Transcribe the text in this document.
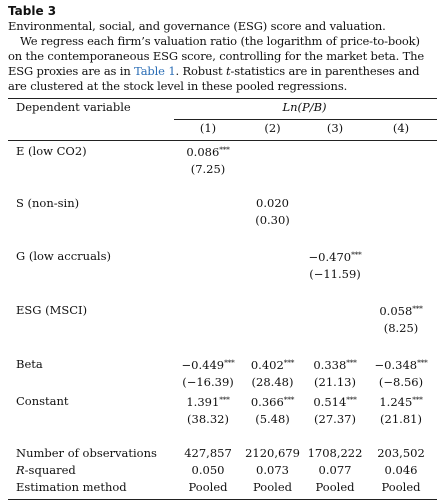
Table 3

Environmental, social, and governance (ESG) score and valuation.
We regress each firm’s valuation ratio (the logarithm of price-to-book) on the contemporaneous ESG score, controlling for the market beta. The ESG proxies are as in Table 1. Robust t-statistics are in parentheses and are clustered at the stock level in these pooled regressions.

Dependent variable	Ln(P/B)
	(1)	(2)	(3)	(4)
E (low CO2)	0.086***			
	(7.25)			

S (non-sin)		0.020		
		(0.30)		

G (low accruals)			−0.470***	
			(−11.59)	

ESG (MSCI)				0.058***
				(8.25)

Beta	−0.449***	0.402***	0.338***	−0.348***
	(−16.39)	(28.48)	(21.13)	(−8.56)
Constant	1.391***	0.366***	0.514***	1.245***
	(38.32)	(5.48)	(27.37)	(21.81)

Number of observations	427,857	2120,679	1708,222	203,502
R-squared	0.050	0.073	0.077	0.046
Estimation method	Pooled	Pooled	Pooled	Pooled
